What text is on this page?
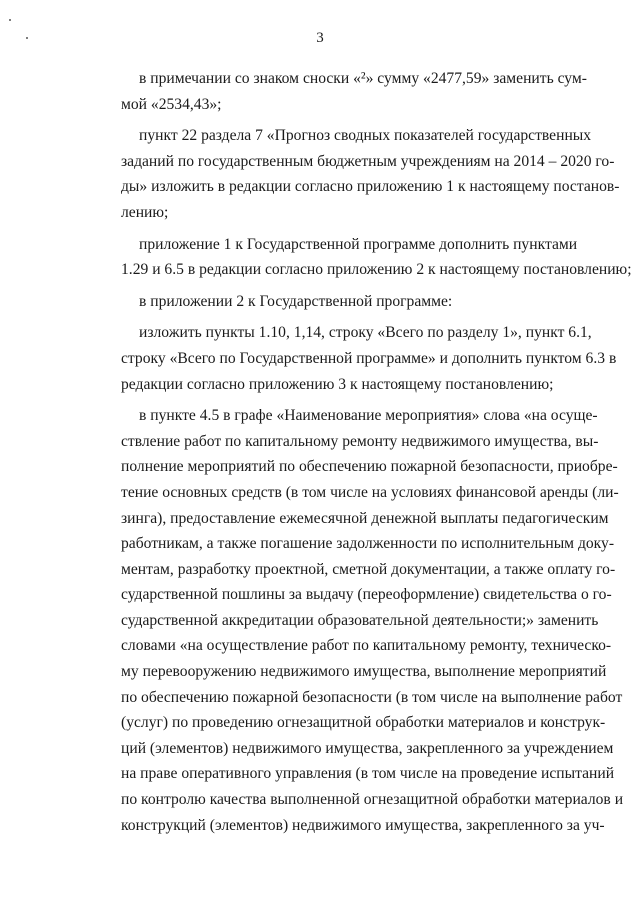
3

в примечании со знаком сноски «²» сумму «2477,59» заменить сум-
мой «2534,43»;

пункт 22 раздела 7 «Прогноз сводных показателей государственных
заданий по государственным бюджетным учреждениям на 2014 – 2020 го-
ды» изложить в редакции согласно приложению 1 к настоящему постанов-
лению;

приложение 1 к Государственной программе дополнить пунктами
1.29 и 6.5 в редакции согласно приложению 2 к настоящему постановлению;

в приложении 2 к Государственной программе:

изложить пункты 1.10, 1,14, строку «Всего по разделу 1», пункт 6.1,
строку «Всего по Государственной программе» и дополнить пунктом 6.3 в
редакции согласно приложению 3 к настоящему постановлению;

в пункте 4.5 в графе «Наименование мероприятия» слова «на осуще-
ствление работ по капитальному ремонту недвижимого имущества, вы-
полнение мероприятий по обеспечению пожарной безопасности, приобре-
тение основных средств (в том числе на условиях финансовой аренды (ли-
зинга), предоставление ежемесячной денежной выплаты педагогическим
работникам, а также погашение задолженности по исполнительным доку-
ментам, разработку проектной, сметной документации, а также оплату го-
сударственной пошлины за выдачу (переоформление) свидетельства о го-
сударственной аккредитации образовательной деятельности;» заменить
словами «на осуществление работ по капитальному ремонту, техническо-
му перевооружению недвижимого имущества, выполнение мероприятий
по обеспечению пожарной безопасности (в том числе на выполнение работ
(услуг) по проведению огнезащитной обработки материалов и конструк-
ций (элементов) недвижимого имущества, закрепленного за учреждением
на праве оперативного управления (в том числе на проведение испытаний
по контролю качества выполненной огнезащитной обработки материалов и
конструкций (элементов) недвижимого имущества, закрепленного за уч-
